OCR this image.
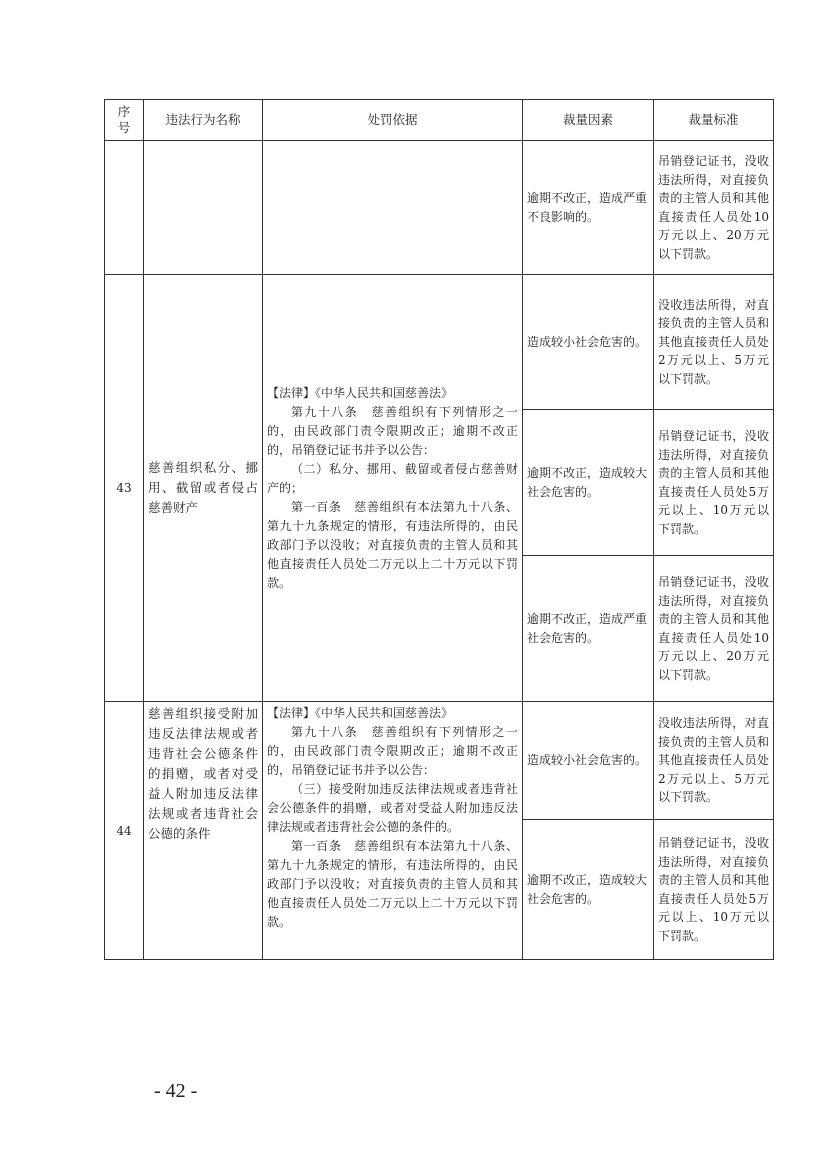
序号	违法行为名称	处罚依据	裁量因素	裁量标准
			逾期不改正，造成严重不良影响的。	吊销登记证书，没收违法所得，对直接负责的主管人员和其他直接责任人员处10万元以上、20万元以下罚款。
43	慈善组织私分、挪用、截留或者侵占慈善财产	【法律】《中华人民共和国慈善法》

第九十八条　慈善组织有下列情形之一的，由民政部门责令限期改正；逾期不改正的，吊销登记证书并予以公告：

（二）私分、挪用、截留或者侵占慈善财产的；

第一百条　慈善组织有本法第九十八条、第九十九条规定的情形，有违法所得的，由民政部门予以没收；对直接负责的主管人员和其他直接责任人员处二万元以上二十万元以下罚款。	造成较小社会危害的。	没收违法所得，对直接负责的主管人员和其他直接责任人员处2万元以上、5万元以下罚款。
			逾期不改正，造成较大社会危害的。	吊销登记证书，没收违法所得，对直接负责的主管人员和其他直接责任人员处5万元以上、10万元以下罚款。
			逾期不改正，造成严重社会危害的。	吊销登记证书，没收违法所得，对直接负责的主管人员和其他直接责任人员处10万元以上、20万元以下罚款。
44	慈善组织接受附加违反法律法规或者违背社会公德条件的捐赠，或者对受益人附加违反法律法规或者违背社会公德的条件	【法律】《中华人民共和国慈善法》

第九十八条　慈善组织有下列情形之一的，由民政部门责令限期改正；逾期不改正的，吊销登记证书并予以公告：

（三）接受附加违反法律法规或者违背社会公德条件的捐赠，或者对受益人附加违反法律法规或者违背社会公德的条件的。

第一百条　慈善组织有本法第九十八条、第九十九条规定的情形，有违法所得的，由民政部门予以没收；对直接负责的主管人员和其他直接责任人员处二万元以上二十万元以下罚款。	造成较小社会危害的。	没收违法所得，对直接负责的主管人员和其他直接责任人员处2万元以上、5万元以下罚款。
			逾期不改正，造成较大社会危害的。	吊销登记证书，没收违法所得，对直接负责的主管人员和其他直接责任人员处5万元以上、10万元以下罚款。
- 42 -
